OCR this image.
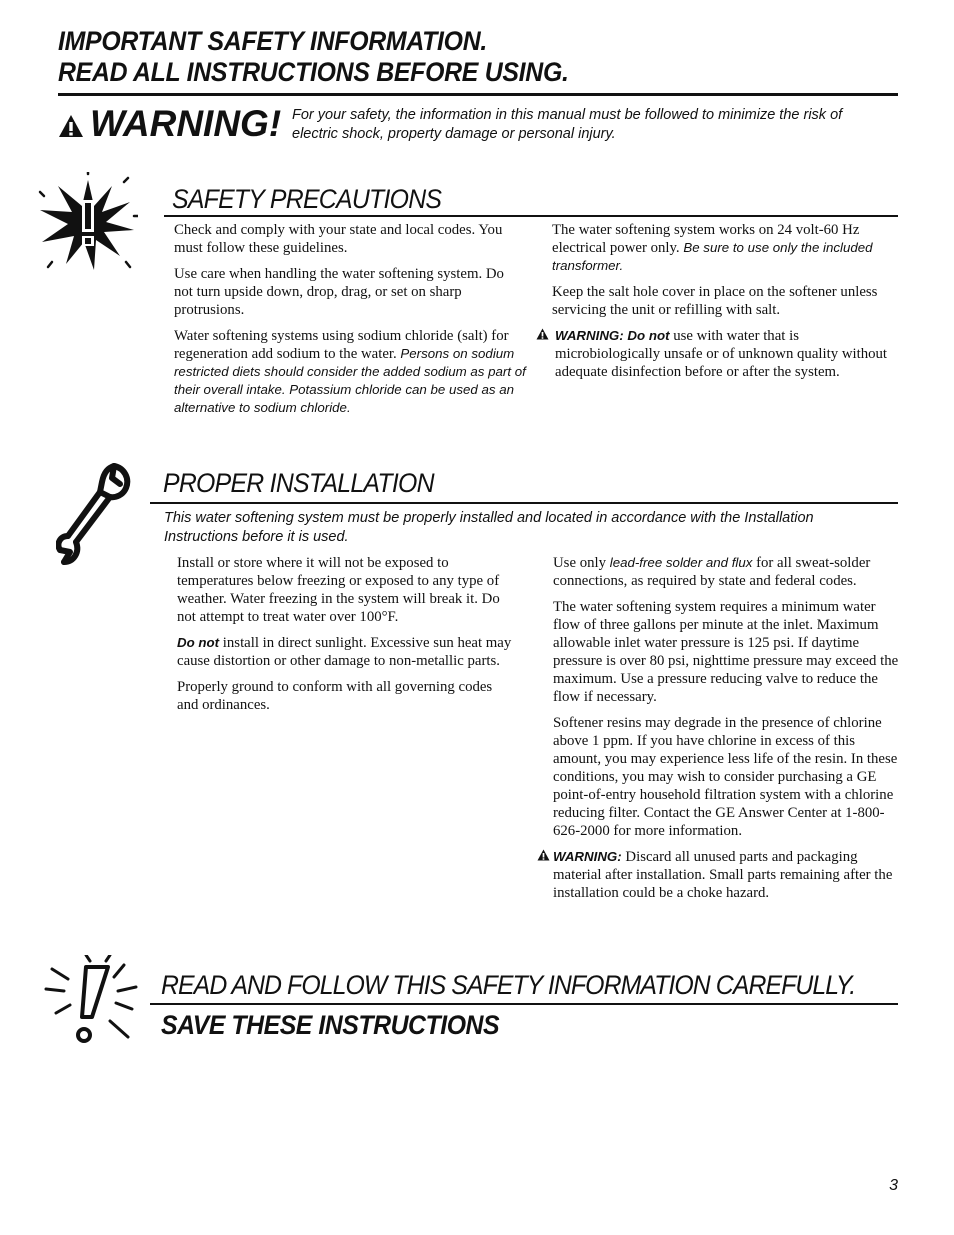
IMPORTANT SAFETY INFORMATION.
READ ALL INSTRUCTIONS BEFORE USING.
WARNING! For your safety, the information in this manual must be followed to minimize the risk of electric shock, property damage or personal injury.
SAFETY PRECAUTIONS

Check and comply with your state and local codes. You must follow these guidelines.

Use care when handling the water softening system. Do not turn upside down, drop, drag, or set on sharp protrusions.

Water softening systems using sodium chloride (salt) for regeneration add sodium to the water. Persons on sodium restricted diets should consider the added sodium as part of their overall intake. Potassium chloride can be used as an alternative to sodium chloride.

The water softening system works on 24 volt-60 Hz electrical power only. Be sure to use only the included transformer.

Keep the salt hole cover in place on the softener unless servicing the unit or refilling with salt.

WARNING: Do not use with water that is microbiologically unsafe or of unknown quality without adequate disinfection before or after the system.

PROPER INSTALLATION
This water softening system must be properly installed and located in accordance with the Installation Instructions before it is used.

Install or store where it will not be exposed to temperatures below freezing or exposed to any type of weather. Water freezing in the system will break it. Do not attempt to treat water over 100°F.

Do not install in direct sunlight. Excessive sun heat may cause distortion or other damage to non-metallic parts.

Properly ground to conform with all governing codes and ordinances.

Use only lead-free solder and flux for all sweat-solder connections, as required by state and federal codes.

The water softening system requires a minimum water flow of three gallons per minute at the inlet. Maximum allowable inlet water pressure is 125 psi. If daytime pressure is over 80 psi, nighttime pressure may exceed the maximum. Use a pressure reducing valve to reduce the flow if necessary.

Softener resins may degrade in the presence of chlorine above 1 ppm. If you have chlorine in excess of this amount, you may experience less life of the resin. In these conditions, you may wish to consider purchasing a GE point-of-entry household filtration system with a chlorine reducing filter. Contact the GE Answer Center at 1-800-626-2000 for more information.

WARNING: Discard all unused parts and packaging material after installation. Small parts remaining after the installation could be a choke hazard.

READ AND FOLLOW THIS SAFETY INFORMATION CAREFULLY.
SAVE THESE INSTRUCTIONS
3
